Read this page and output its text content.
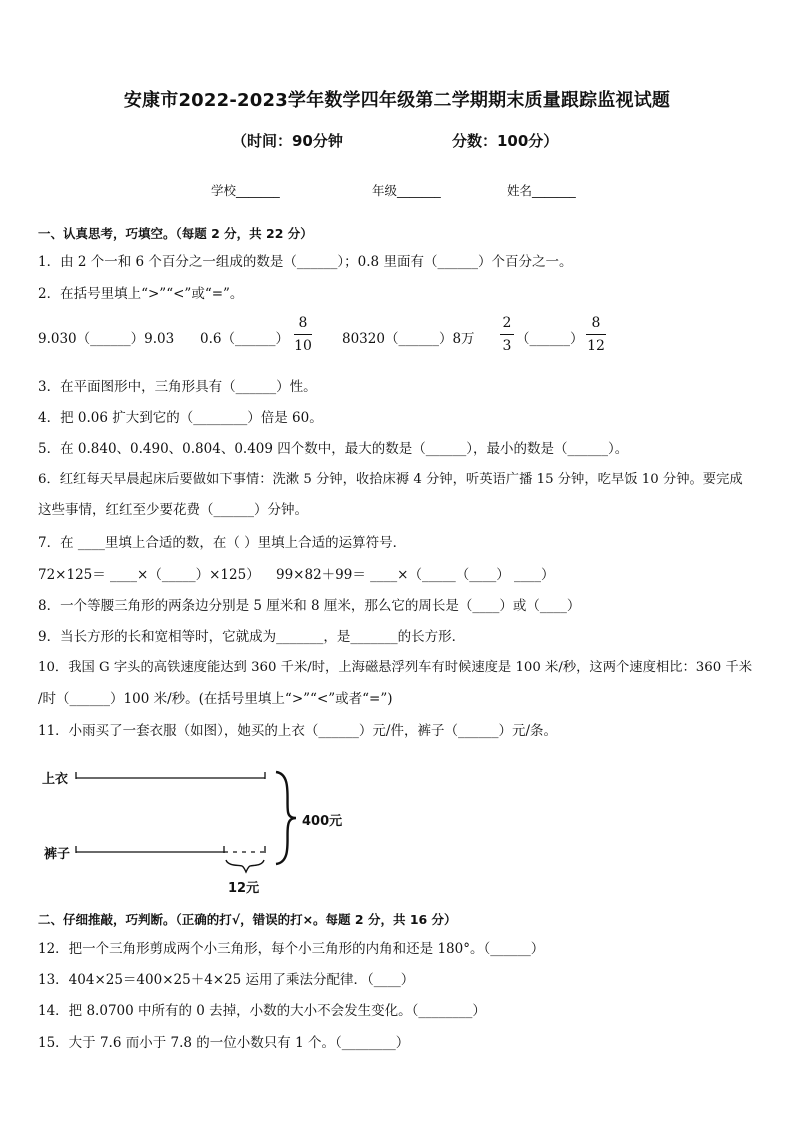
安康市2022-2023学年数学四年级第二学期期末质量跟踪监视试题
（时间：90分钟	分数：100分）
学校_______	年级_______	姓名_______
一、认真思考，巧填空。（每题 2 分，共 22 分）
1．由 2 个一和 6 个百分之一组成的数是（______）；0.8 里面有（______）个百分之一。
2．在括号里填上“>”“<”或“=”。
9.030（______）9.03 0.6（______）
8
10 80320（______）8万
2
3 （______）
8
12
3．在平面图形中，三角形具有（______）性。
4．把 0.06 扩大到它的（________）倍是 60。
5．在 0.840、0.490、0.804、0.409 四个数中，最大的数是（______），最小的数是（______）。
6．红红每天早晨起床后要做如下事情：洗漱 5 分钟，收拾床褥 4 分钟，听英语广播 15 分钟，吃早饭 10 分钟。要完成
这些事情，红红至少要花费（______）分钟。
7．在 ____里填上合适的数，在（ ）里填上合适的运算符号．
72×125＝ ____×（_____）×125） 99×82＋99＝ ____×（_____（____） ____）
8．一个等腰三角形的两条边分别是 5 厘米和 8 厘米，那么它的周长是（____）或（____）
9．当长方形的长和宽相等时，它就成为_______，是_______的长方形．
10．我国 G 字头的高铁速度能达到 360 千米/时，上海磁悬浮列车有时候速度是 100 米/秒，这两个速度相比：360 千米
/时（______）100 米/秒。(在括号里填上“>”“<”或者“=”)
11．小雨买了一套衣服（如图），她买的上衣（______）元/件，裤子（______）元/条。
上衣
裤子
400元
12元
二、仔细推敲，巧判断。（正确的打√，错误的打×。每题 2 分，共 16 分）
12．把一个三角形剪成两个小三角形，每个小三角形的内角和还是 180°。（______）
13．404×25＝400×25＋4×25 运用了乘法分配律．（____）
14．把 8.0700 中所有的 0 去掉，小数的大小不会发生变化。（________）
15．大于 7.6 而小于 7.8 的一位小数只有 1 个。（________）
